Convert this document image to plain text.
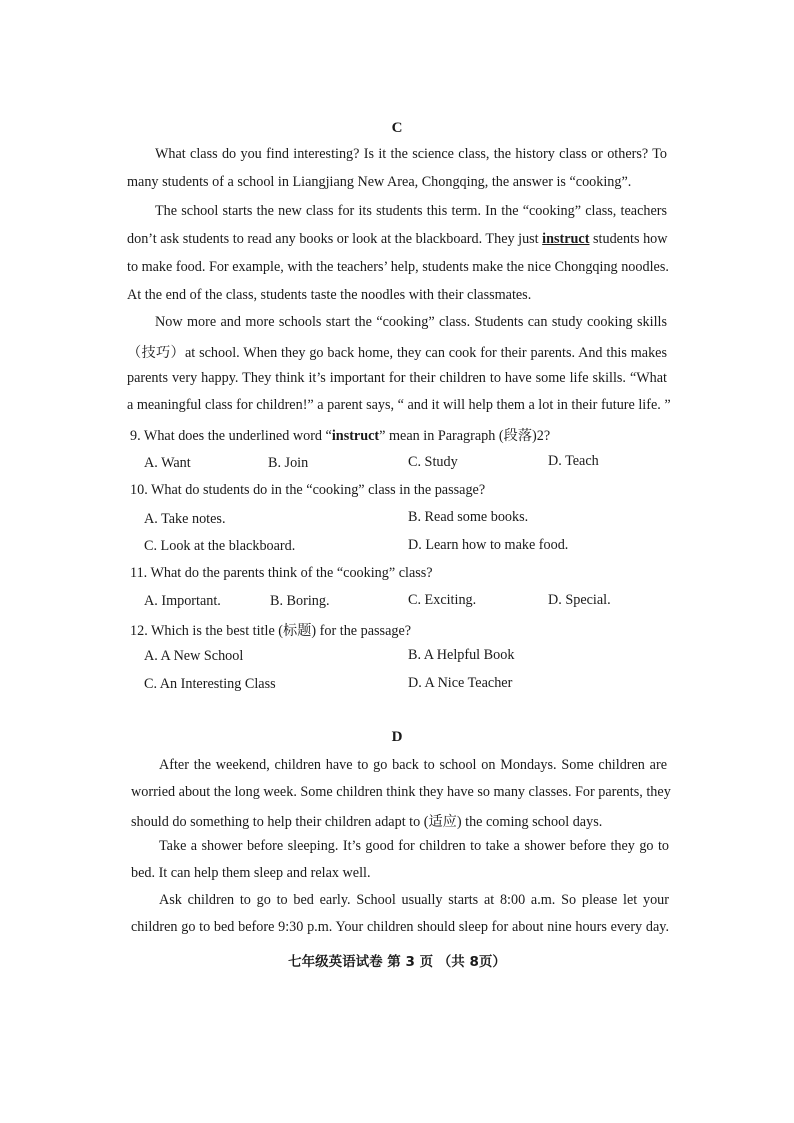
C
What class do you find interesting? Is it the science class, the history class or others? To
many students of a school in Liangjiang New Area, Chongqing, the answer is “cooking”.
The school starts the new class for its students this term. In the “cooking” class, teachers
don’t ask students to read any books or look at the blackboard. They just instruct students how
to make food. For example, with the teachers’ help, students make the nice Chongqing noodles.
At the end of the class, students taste the noodles with their classmates.
Now more and more schools start the “cooking” class. Students can study cooking skills
（技巧）at school. When they go back home, they can cook for their parents. And this makes
parents very happy. They think it’s important for their children to have some life skills. “What
a meaningful class for children!” a parent says, “ and it will help them a lot in their future life. ”
9. What does the underlined word “instruct” mean in Paragraph (段落)2?
A. Want	B. Join	C. Study	D. Teach
10. What do students do in the “cooking” class in the passage?
A. Take notes.	B. Read some books.
C. Look at the blackboard.	D. Learn how to make food.
11. What do the parents think of the “cooking” class?
A. Important.	B. Boring.	C. Exciting.	D. Special.
12. Which is the best title (标题) for the passage?
A. A New School	B. A Helpful Book
C. An Interesting Class	D. A Nice Teacher
D
After the weekend, children have to go back to school on Mondays. Some children are
worried about the long week. Some children think they have so many classes. For parents, they
should do something to help their children adapt to (适应) the coming school days.
Take a shower before sleeping. It’s good for children to take a shower before they go to
bed. It can help them sleep and relax well.
Ask children to go to bed early. School usually starts at 8:00 a.m. So please let your
children go to bed before 9:30 p.m. Your children should sleep for about nine hours every day.
七年级英语试卷 第 3 页 （共 8页）
